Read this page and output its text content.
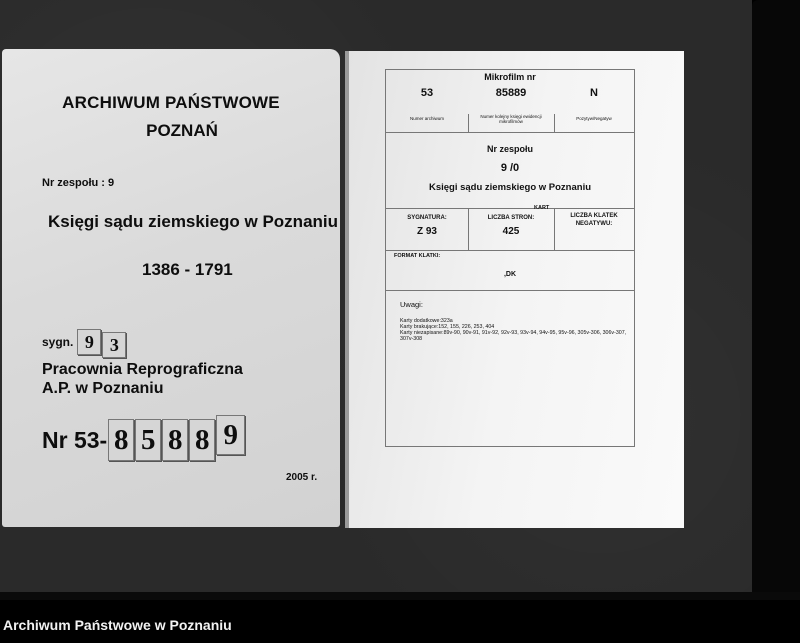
ARCHIWUM PAŃSTWOWE
POZNAŃ
Nr zespołu : 9
Księgi sądu ziemskiego w Poznaniu
1386 - 1791
sygn. 9 3
Pracownia Reprograficzna
A.P. w Poznaniu
Nr 53- 8 5 8 8 9
2005 r.
Mikrofilm nr
53	85889	N
Numer archiwum	Numer kolejny księgi ewidencji mikrofilmów
Pozytyw/Negatyw
Nr zespołu
9 /0
Księgi sądu ziemskiego w Poznaniu
SYGNATURA:
Z 93
KART
LICZBA STRON:
425
LICZBA KLATEK NEGATYWU:
FORMAT KLATKI:
,DK
Uwagi:
Karty dodatkowe:323a
Karty brakujące:152, 155, 226, 253, 404
Karty niezapisane:89v-90, 90v-91, 91v-92, 92v-93, 93v-94, 94v-95, 95v-96, 305v-306, 306v-307, 307v-308
Archiwum Państwowe w Poznaniu
